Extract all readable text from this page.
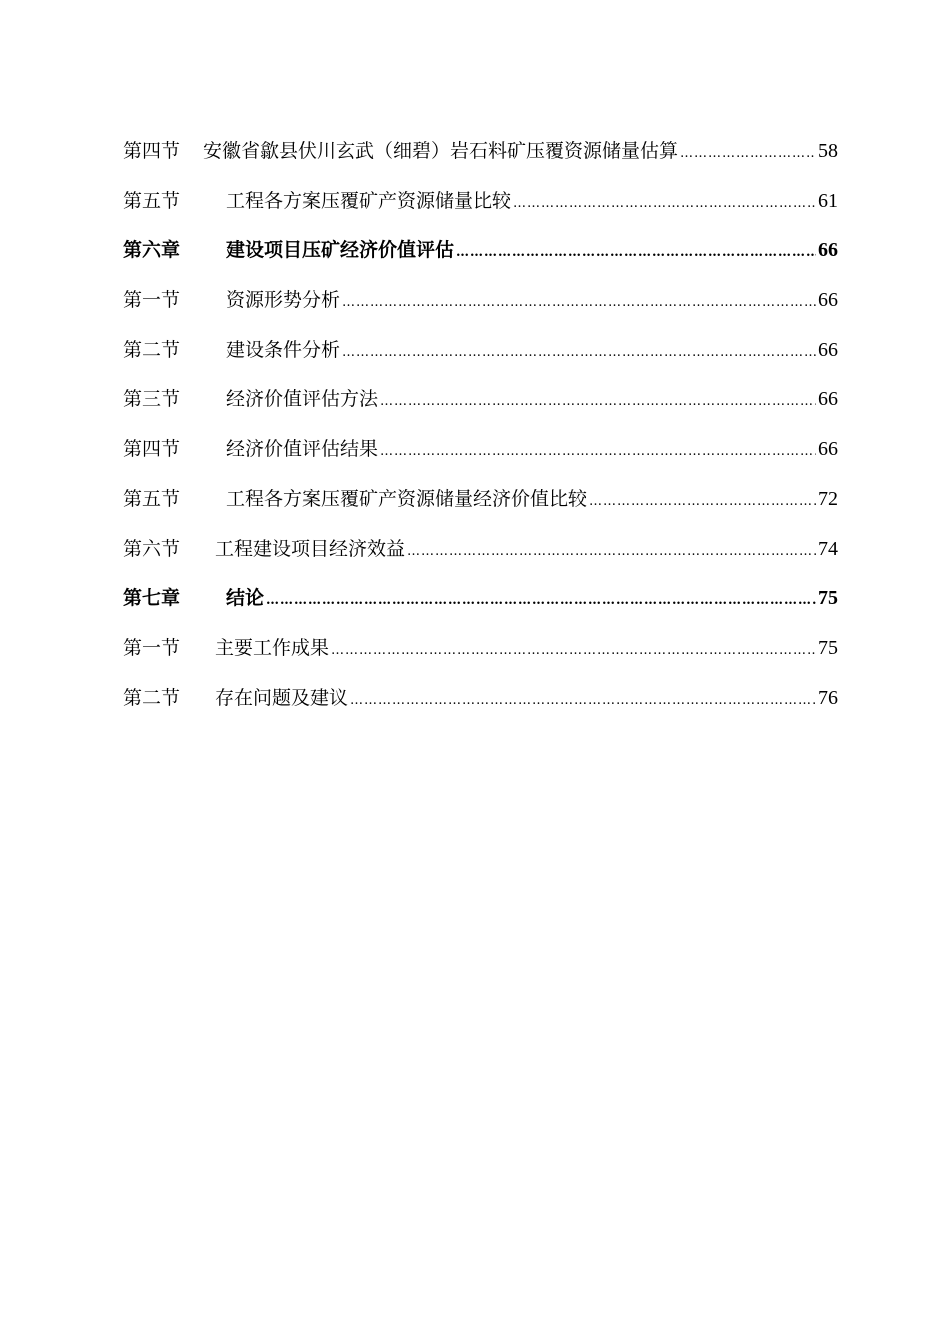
第四节	安徽省歙县伏川玄武（细碧）岩石料矿压覆资源储量估算 ……………………………………………………………………………………………………………………………………………………	58
第五节	工程各方案压覆矿产资源储量比较 ……………………………………………………………………………………………………………………………………………………	61
第六章	建设项目压矿经济价值评估 ……………………………………………………………………………………………………………………………………………………	66
第一节	资源形势分析 ……………………………………………………………………………………………………………………………………………………	66
第二节	建设条件分析 ……………………………………………………………………………………………………………………………………………………	66
第三节	经济价值评估方法 ……………………………………………………………………………………………………………………………………………………	66
第四节	经济价值评估结果 ……………………………………………………………………………………………………………………………………………………	66
第五节	工程各方案压覆矿产资源储量经济价值比较 ……………………………………………………………………………………………………………………………………………………	72
第六节	工程建设项目经济效益 ……………………………………………………………………………………………………………………………………………………	74
第七章	结论 ……………………………………………………………………………………………………………………………………………………	75
第一节	主要工作成果 ……………………………………………………………………………………………………………………………………………………	75
第二节	存在问题及建议 ……………………………………………………………………………………………………………………………………………………	76
